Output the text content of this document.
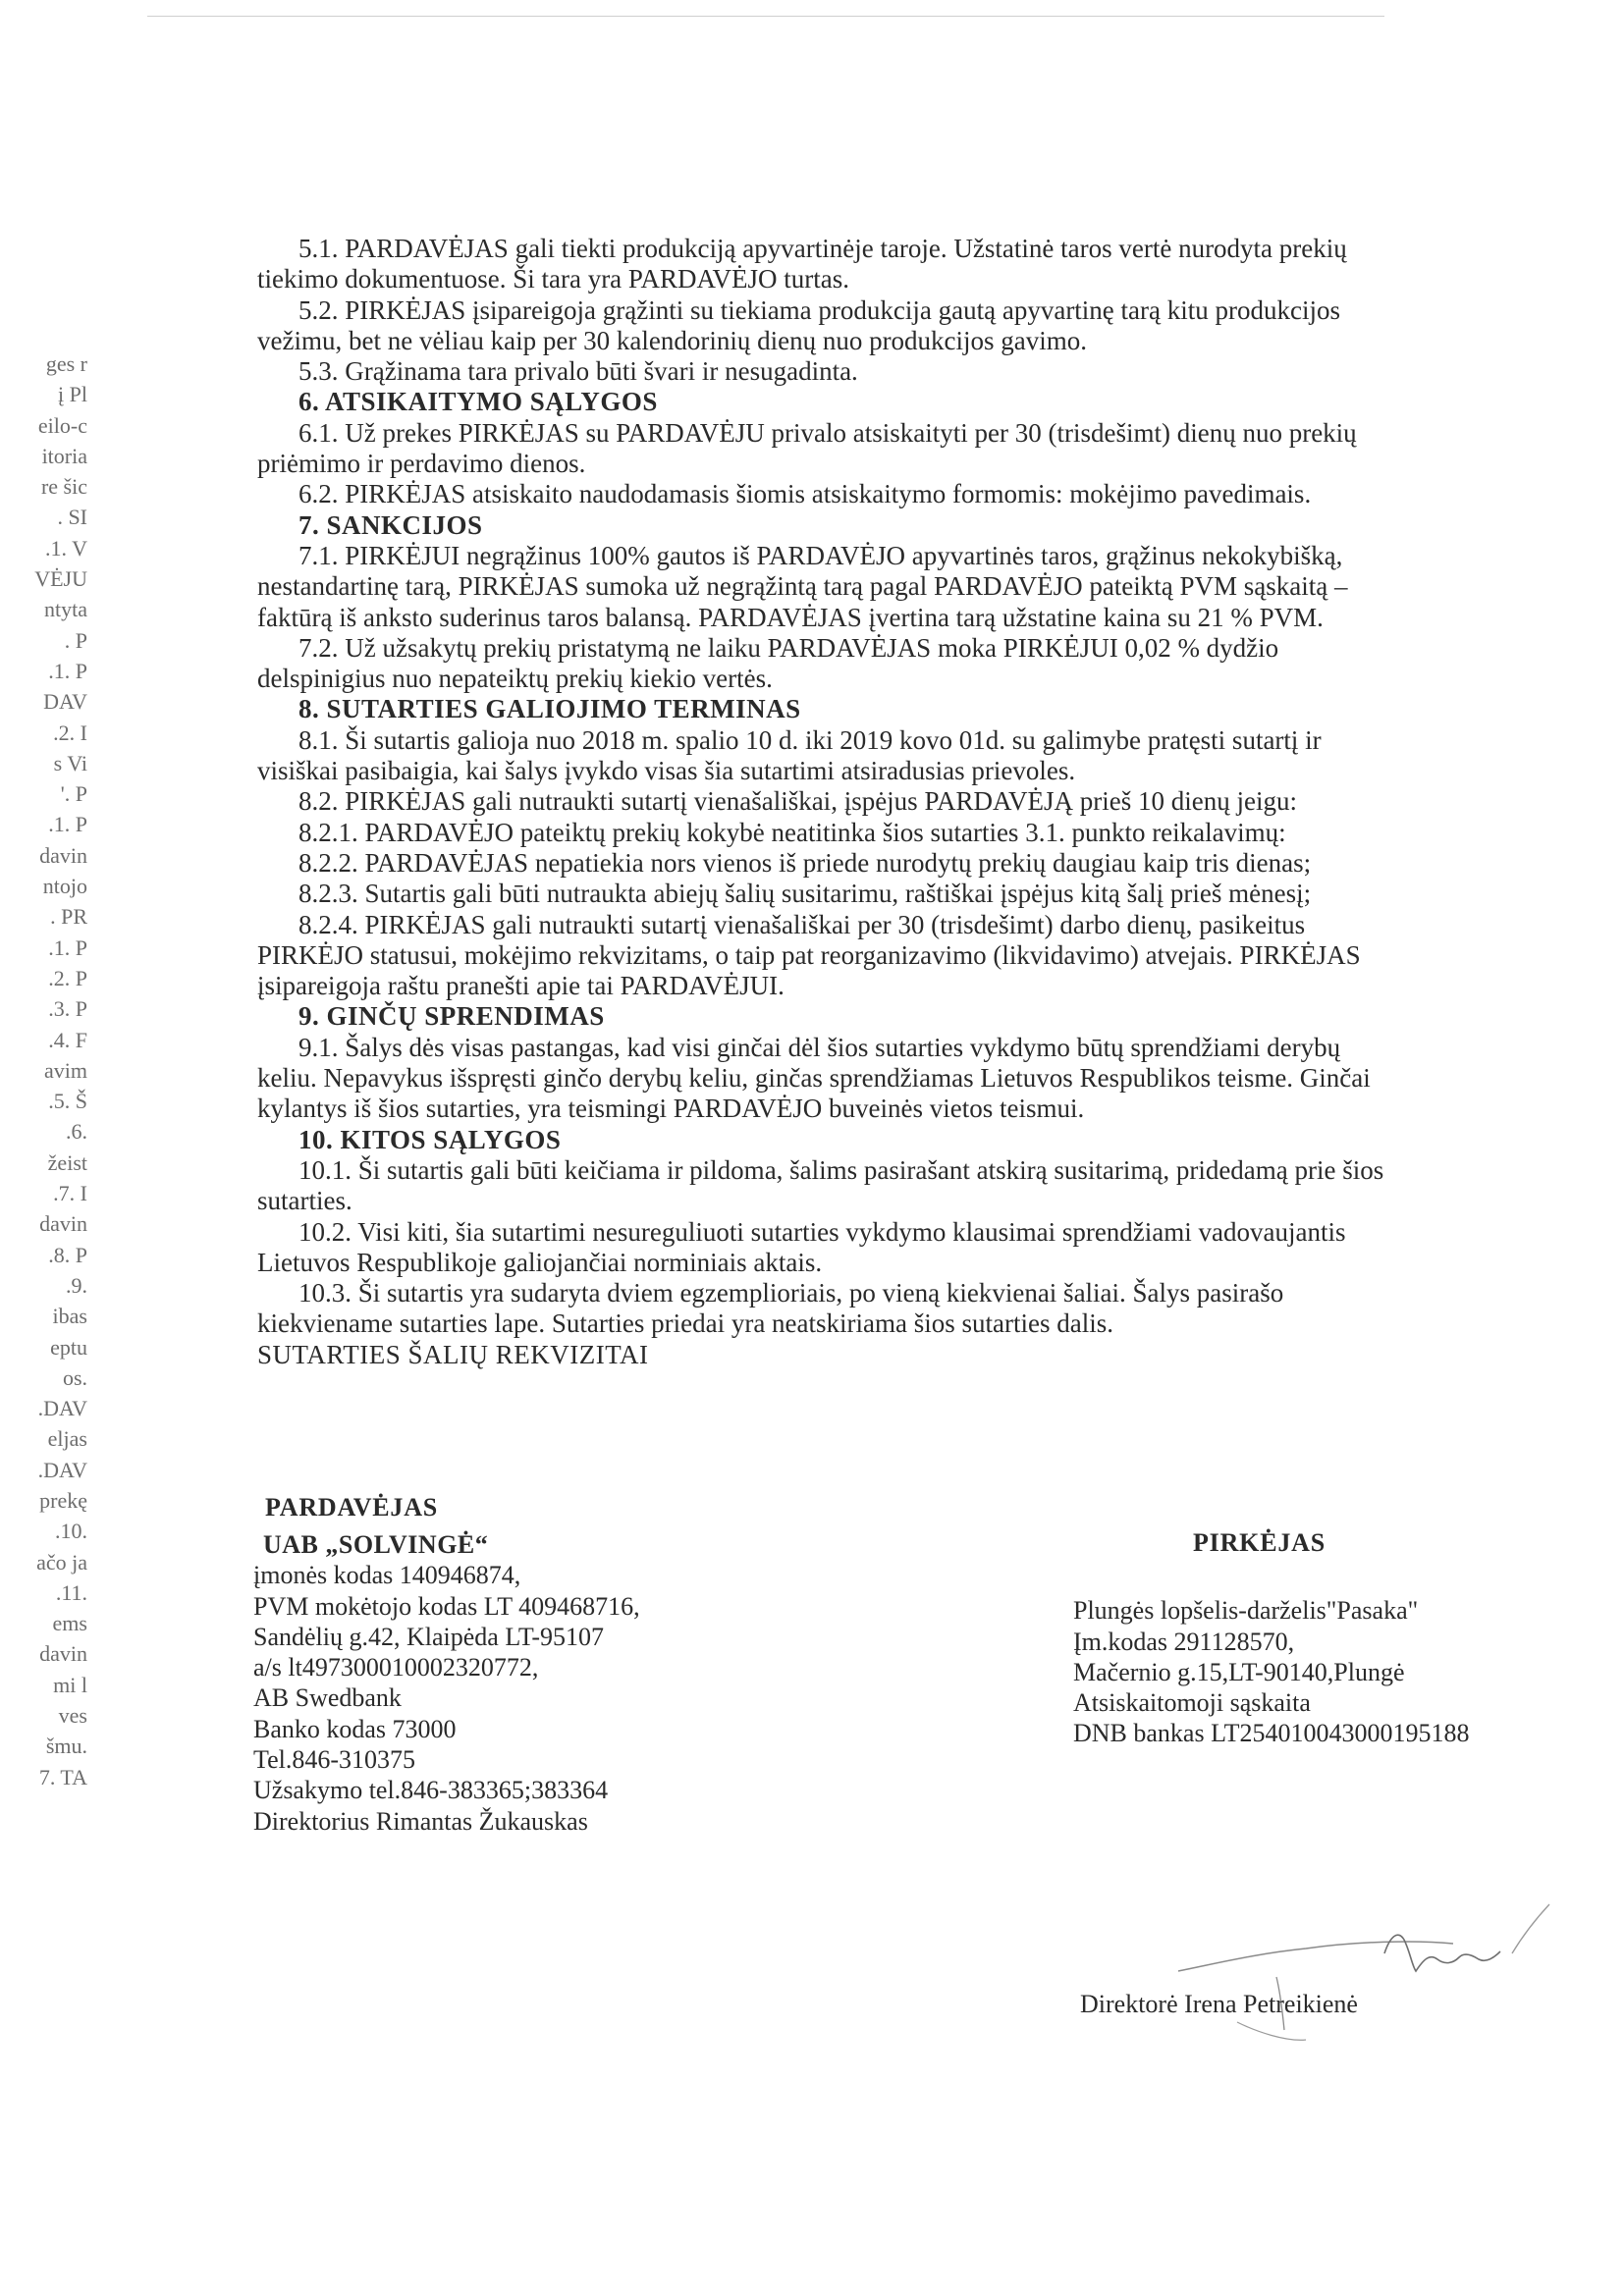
ges r
į Pl
eilo-c
itoria
re šic
. SI
.1. V
VĖJU
ntyta
. P
.1. P
DAV
.2. I
s Vi
'. P
.1. P
davin
ntojo
. PR
.1. P
.2. P
.3. P
.4. F
avim
.5. Š
.6.
žeist
.7. I
davin
.8. P
.9.
ibas
eptu
os.
.DAV
eljas
.DAV
prekę
.10.
ačo ja
.11.
ems
davin
mi l
ves
šmu.
7. TA
5.1. PARDAVĖJAS gali tiekti produkciją apyvartinėje taroje. Užstatinė taros vertė nurodyta prekių
tiekimo dokumentuose. Ši tara yra PARDAVĖJO turtas.
5.2. PIRKĖJAS įsipareigoja grąžinti su tiekiama produkcija gautą apyvartinę tarą kitu produkcijos
vežimu, bet ne vėliau kaip per 30 kalendorinių dienų nuo produkcijos gavimo.
5.3. Grąžinama tara privalo būti švari ir nesugadinta.
6. ATSIKAITYMO SĄLYGOS
6.1. Už prekes PIRKĖJAS su PARDAVĖJU privalo atsiskaityti per 30 (trisdešimt) dienų nuo prekių
priėmimo ir perdavimo dienos.
6.2. PIRKĖJAS atsiskaito naudodamasis šiomis atsiskaitymo formomis: mokėjimo pavedimais.
7. SANKCIJOS
7.1. PIRKĖJUI negrąžinus 100% gautos iš PARDAVĖJO apyvartinės taros, grąžinus nekokybišką,
nestandartinę tarą, PIRKĖJAS sumoka už negrąžintą tarą pagal PARDAVĖJO pateiktą PVM sąskaitą –
faktūrą iš anksto suderinus taros balansą. PARDAVĖJAS įvertina tarą užstatine kaina su 21 % PVM.
7.2. Už užsakytų prekių pristatymą ne laiku PARDAVĖJAS moka PIRKĖJUI 0,02 % dydžio
delspinigius nuo nepateiktų prekių kiekio vertės.
8. SUTARTIES GALIOJIMO TERMINAS
8.1. Ši sutartis galioja nuo 2018 m. spalio 10 d. iki 2019 kovo 01d. su galimybe pratęsti sutartį ir
visiškai pasibaigia, kai šalys įvykdo visas šia sutartimi atsiradusias prievoles.
8.2. PIRKĖJAS gali nutraukti sutartį vienašališkai, įspėjus PARDAVĖJĄ prieš 10 dienų jeigu:
8.2.1. PARDAVĖJO pateiktų prekių kokybė neatitinka šios sutarties 3.1. punkto reikalavimų:
8.2.2. PARDAVĖJAS nepatiekia nors vienos iš priede nurodytų prekių daugiau kaip tris dienas;
8.2.3. Sutartis gali būti nutraukta abiejų šalių susitarimu, raštiškai įspėjus kitą šalį prieš mėnesį;
8.2.4. PIRKĖJAS gali nutraukti sutartį vienašališkai per 30 (trisdešimt) darbo dienų, pasikeitus
PIRKĖJO statusui, mokėjimo rekvizitams, o taip pat reorganizavimo (likvidavimo) atvejais. PIRKĖJAS
įsipareigoja raštu pranešti apie tai PARDAVĖJUI.
9. GINČŲ SPRENDIMAS
9.1. Šalys dės visas pastangas, kad visi ginčai dėl šios sutarties vykdymo būtų sprendžiami derybų
keliu. Nepavykus išspręsti ginčo derybų keliu, ginčas sprendžiamas Lietuvos Respublikos teisme. Ginčai
kylantys iš šios sutarties, yra teismingi PARDAVĖJO buveinės vietos teismui.
10. KITOS SĄLYGOS
10.1. Ši sutartis gali būti keičiama ir pildoma, šalims pasirašant atskirą susitarimą, pridedamą prie šios
sutarties.
10.2. Visi kiti, šia sutartimi nesureguliuoti sutarties vykdymo klausimai sprendžiami vadovaujantis
Lietuvos Respublikoje galiojančiai norminiais aktais.
10.3. Ši sutartis yra sudaryta dviem egzemplioriais, po vieną kiekvienai šaliai. Šalys pasirašo
kiekviename sutarties lape. Sutarties priedai yra neatskiriama šios sutarties dalis.
SUTARTIES ŠALIŲ REKVIZITAI
PARDAVĖJAS
UAB „SOLVINGĖ“
įmonės kodas 140946874,
PVM mokėtojo kodas LT 409468716,
Sandėlių g.42, Klaipėda LT-95107
a/s lt497300010002320772,
AB Swedbank
Banko kodas 73000
Tel.846-310375
Užsakymo tel.846-383365;383364
Direktorius Rimantas Žukauskas
PIRKĖJAS
Plungės lopšelis-darželis"Pasaka"
Įm.kodas 291128570,
Mačernio g.15,LT-90140,Plungė
Atsiskaitomoji sąskaita
DNB bankas LT254010043000195188
Direktorė Irena Petreikienė
